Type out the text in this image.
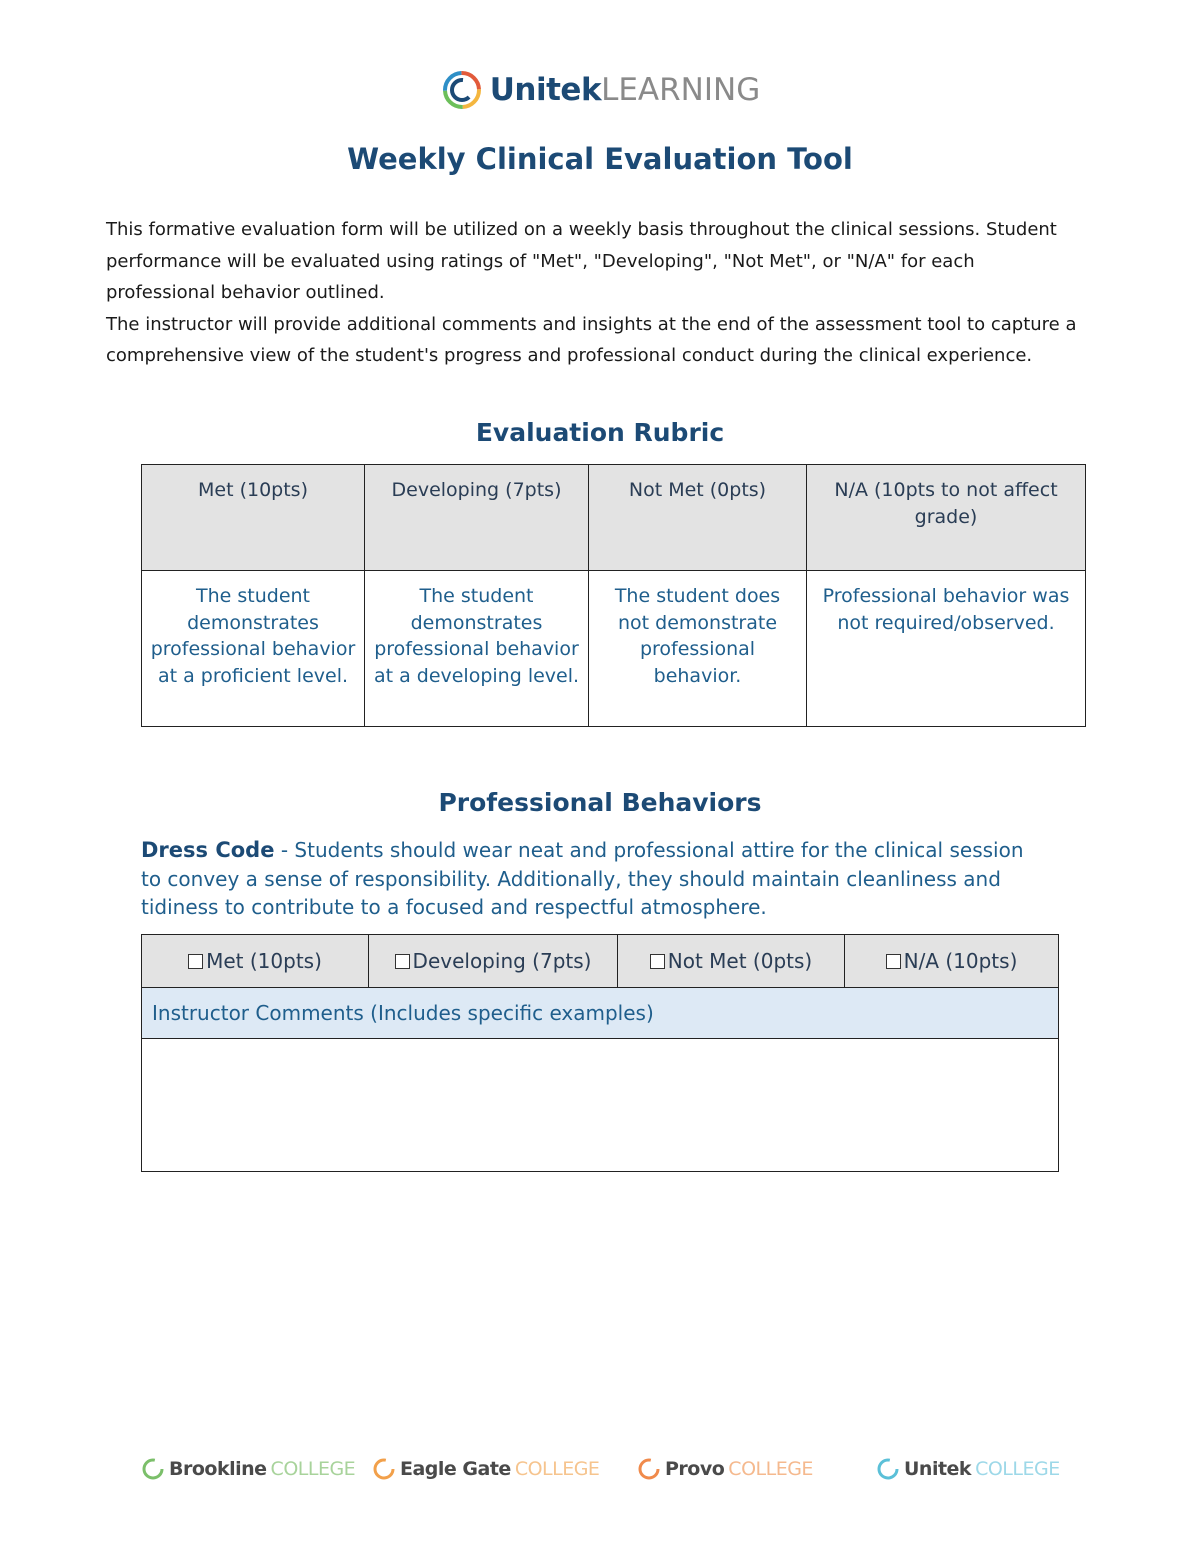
UnitekLEARNING
Weekly Clinical Evaluation Tool

This formative evaluation form will be utilized on a weekly basis throughout the clinical sessions. Student performance will be evaluated using ratings of "Met", "Developing", "Not Met", or "N/A" for each professional behavior outlined.

The instructor will provide additional comments and insights at the end of the assessment tool to capture a comprehensive view of the student's progress and professional conduct during the clinical experience.

Evaluation Rubric
Met (10pts)	Developing (7pts)	Not Met (0pts)	N/A (10pts to not affect grade)
The student demonstrates professional behavior at a proficient level.	The student demonstrates professional behavior at a developing level.	The student does not demonstrate professional behavior.	Professional behavior was not required/observed.
Professional Behaviors
Dress Code - Students should wear neat and professional attire for the clinical session to convey a sense of responsibility. Additionally, they should maintain cleanliness and tidiness to contribute to a focused and respectful atmosphere.
Met (10pts)	Developing (7pts)	Not Met (0pts)	N/A (10pts)
Instructor Comments (Includes specific examples)

Brookline COLLEGE Eagle Gate COLLEGE	Provo COLLEGE	Unitek COLLEGE
